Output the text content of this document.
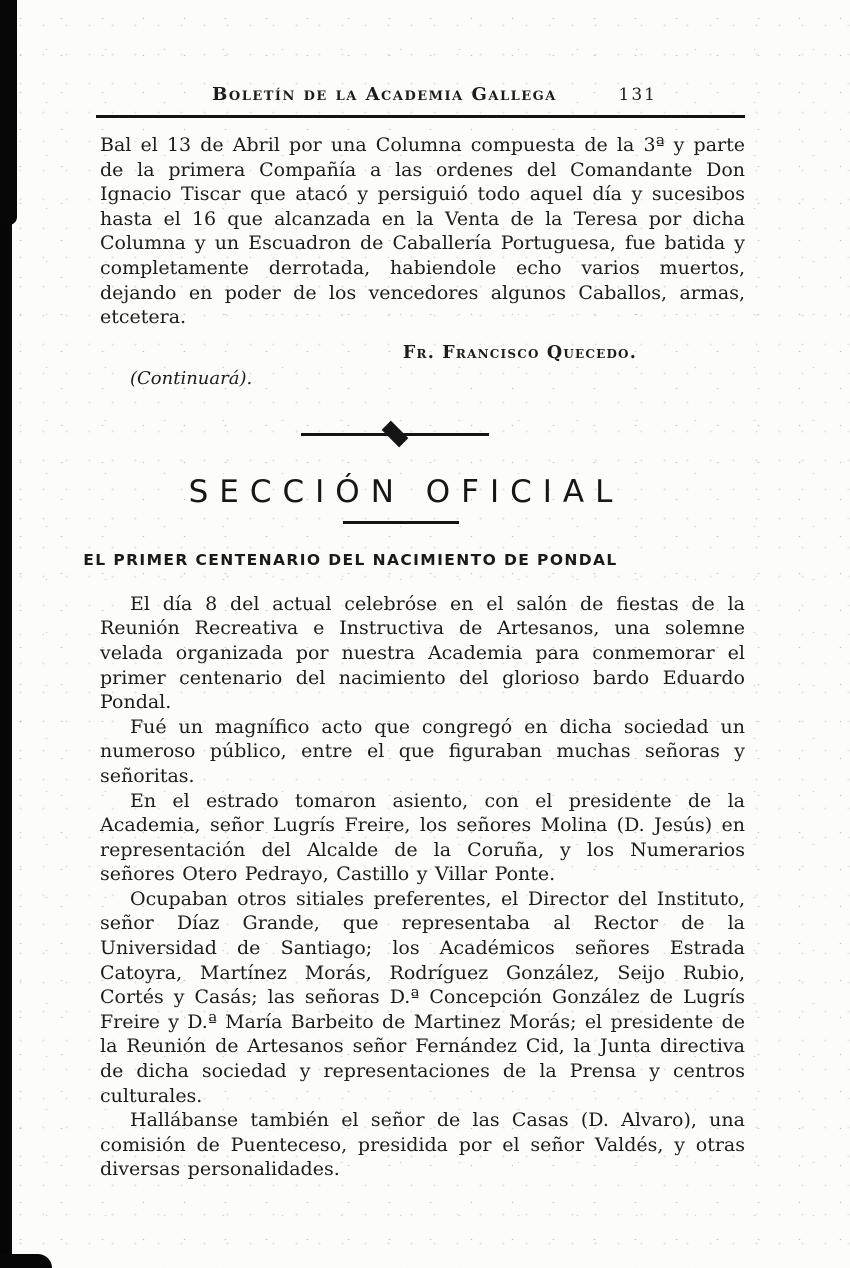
Boletín de la Academia Gallega	131

Bal el 13 de Abril por una Columna compuesta de la 3ª y parte de la primera Compañía a las ordenes del Comandante Don Ignacio Tiscar que atacó y persiguió todo aquel día y sucesibos hasta el 16 que alcanzada en la Venta de la Teresa por dicha Columna y un Escuadron de Caballería Portuguesa, fue batida y completamente derrotada, habiendole echo varios muertos, dejando en poder de los vencedores algunos Caballos, armas, etcetera.

Fr. Francisco Quecedo.
(Continuará).
SECCIÓN OFICIAL
EL PRIMER CENTENARIO DEL NACIMIENTO DE PONDAL

El día 8 del actual celebróse en el salón de fiestas de la Reunión Recreativa e Instructiva de Artesanos, una solemne velada organizada por nuestra Academia para conmemorar el primer centenario del nacimiento del glorioso bardo Eduardo Pondal.

Fué un magnífico acto que congregó en dicha sociedad un numeroso público, entre el que figuraban muchas señoras y señoritas.

En el estrado tomaron asiento, con el presidente de la Academia, señor Lugrís Freire, los señores Molina (D. Jesús) en representación del Alcalde de la Coruña, y los Numerarios señores Otero Pedrayo, Castillo y Villar Ponte.

Ocupaban otros sitiales preferentes, el Director del Instituto, señor Díaz Grande, que representaba al Rector de la Universidad de Santiago; los Académicos señores Estrada Catoyra, Martínez Morás, Rodríguez González, Seijo Rubio, Cortés y Casás; las señoras D.ª Concepción González de Lugrís Freire y D.ª María Barbeito de Martinez Morás; el presidente de la Reunión de Artesanos señor Fernández Cid, la Junta directiva de dicha sociedad y representaciones de la Prensa y centros culturales.

Hallábanse también el señor de las Casas (D. Alvaro), una comisión de Puenteceso, presidida por el señor Valdés, y otras diversas personalidades.
